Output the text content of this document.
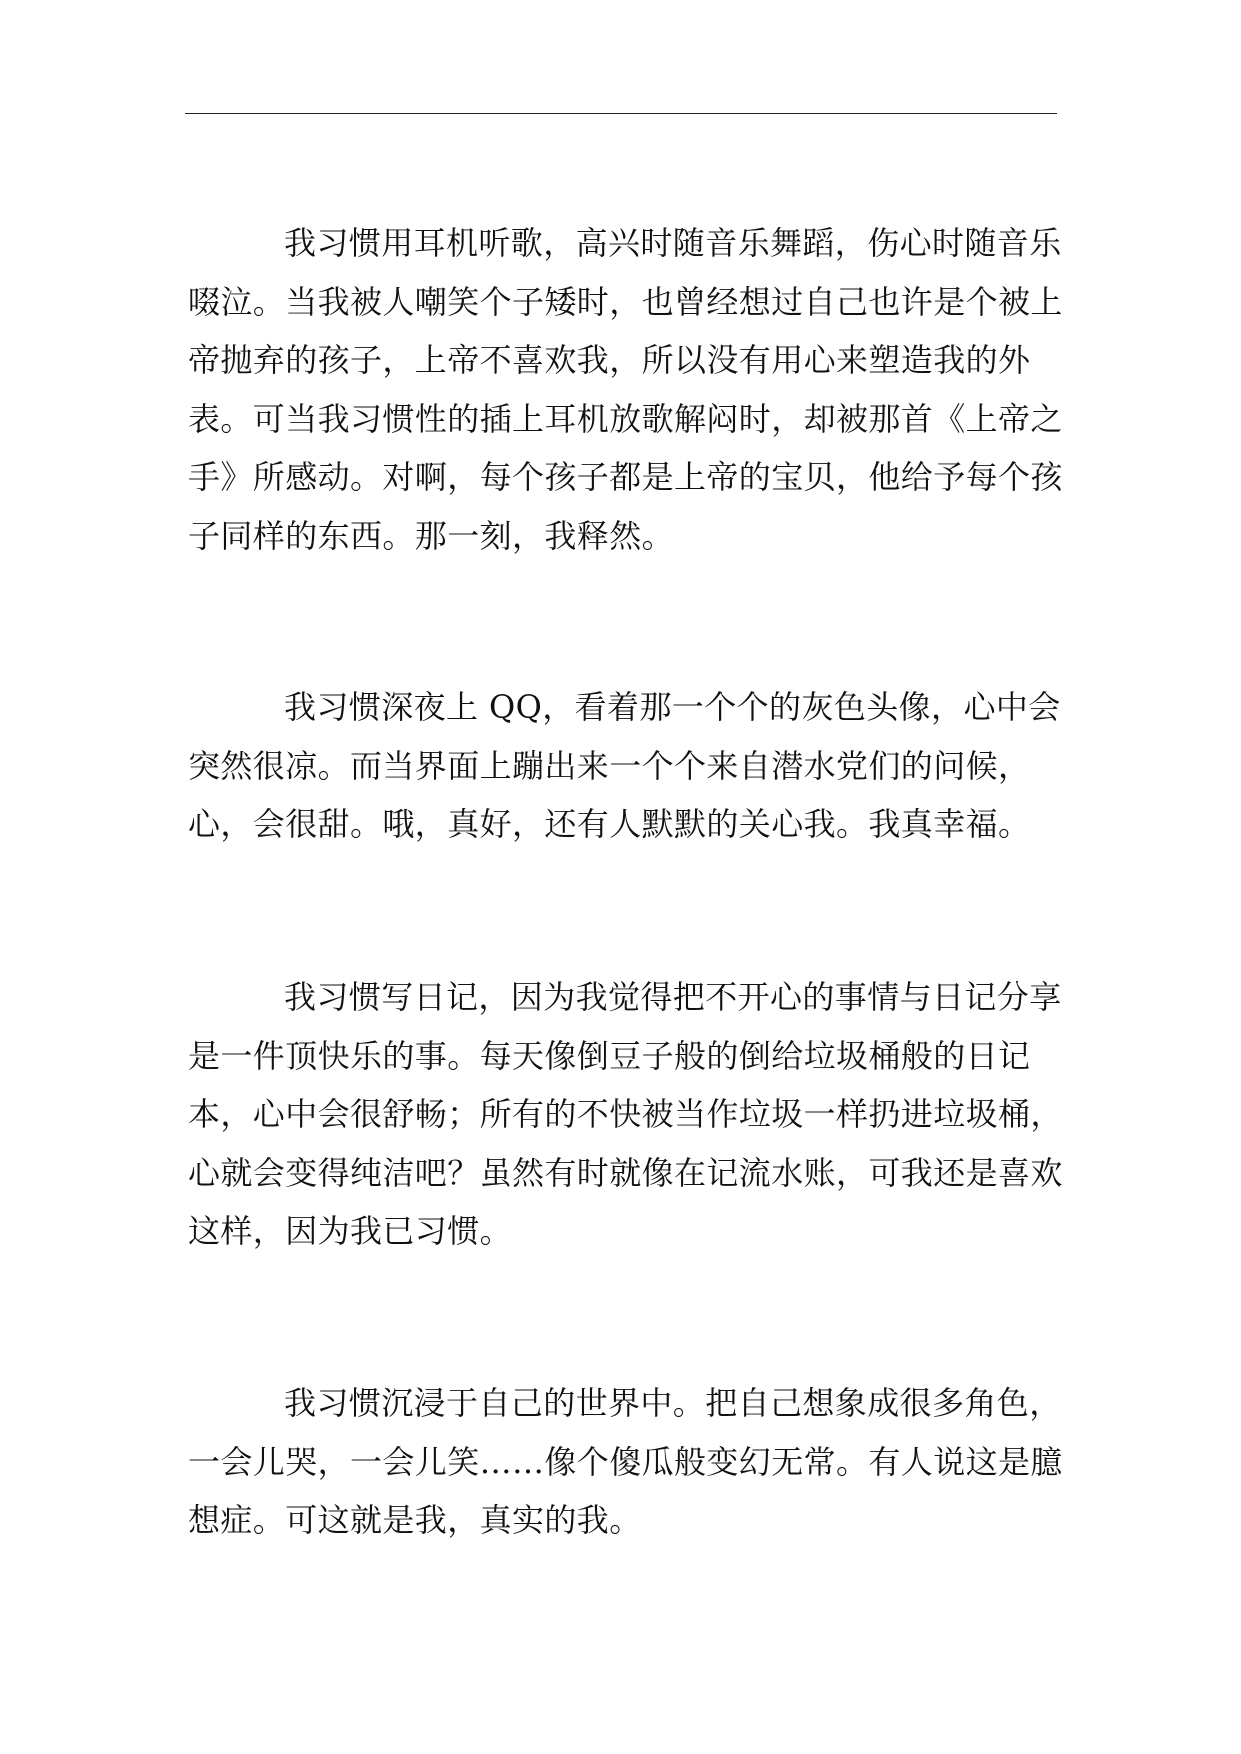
我习惯用耳机听歌，高兴时随音乐舞蹈，伤心时随音乐啜泣。当我被人嘲笑个子矮时，也曾经想过自己也许是个被上帝抛弃的孩子，上帝不喜欢我，所以没有用心来塑造我的外表。可当我习惯性的插上耳机放歌解闷时，却被那首《上帝之手》所感动。对啊，每个孩子都是上帝的宝贝，他给予每个孩子同样的东西。那一刻，我释然。

我习惯深夜上 QQ，看着那一个个的灰色头像，心中会突然很凉。而当界面上蹦出来一个个来自潜水党们的问候，心，会很甜。哦，真好，还有人默默的关心我。我真幸福。

我习惯写日记，因为我觉得把不开心的事情与日记分享是一件顶快乐的事。每天像倒豆子般的倒给垃圾桶般的日记本，心中会很舒畅；所有的不快被当作垃圾一样扔进垃圾桶，心就会变得纯洁吧？虽然有时就像在记流水账，可我还是喜欢这样，因为我已习惯。

我习惯沉浸于自己的世界中。把自己想象成很多角色，一会儿哭，一会儿笑……像个傻瓜般变幻无常。有人说这是臆想症。可这就是我，真实的我。
